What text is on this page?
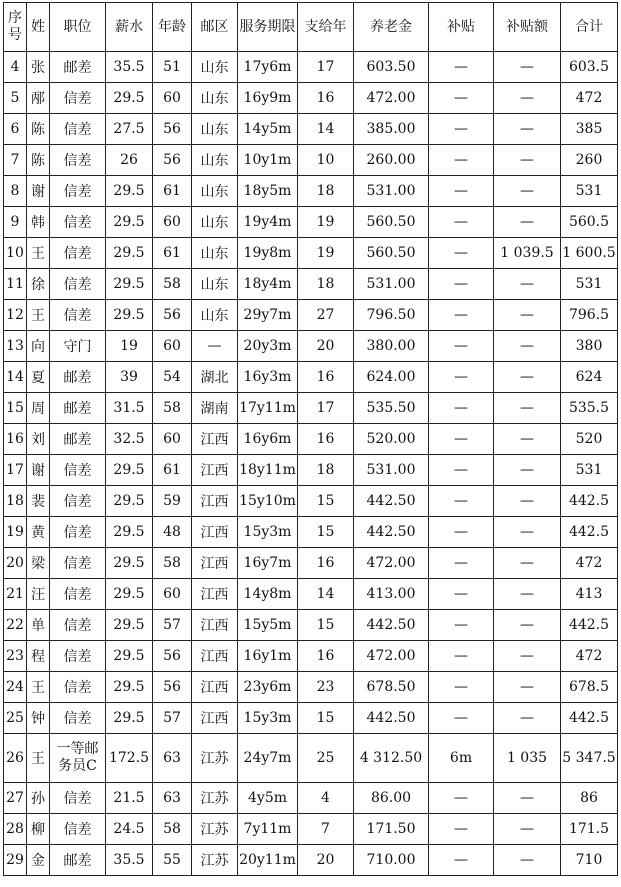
序号	姓	职位	薪水	年龄	邮区	服务期限	支给年	养老金	补贴	补贴额	合计
4	张	邮差	35.5	51	山东	17y6m	17	603.50	—	—	603.5
5	邴	信差	29.5	60	山东	16y9m	16	472.00	—	—	472
6	陈	信差	27.5	56	山东	14y5m	14	385.00	—	—	385
7	陈	信差	26	56	山东	10y1m	10	260.00	—	—	260
8	谢	信差	29.5	61	山东	18y5m	18	531.00	—	—	531
9	韩	信差	29.5	60	山东	19y4m	19	560.50	—	—	560.5
10	王	信差	29.5	61	山东	19y8m	19	560.50	—	1 039.5	1 600.5
11	徐	信差	29.5	58	山东	18y4m	18	531.00	—	—	531
12	王	信差	29.5	56	山东	29y7m	27	796.50	—	—	796.5
13	向	守门	19	60	—	20y3m	20	380.00	—	—	380
14	夏	邮差	39	54	湖北	16y3m	16	624.00	—	—	624
15	周	邮差	31.5	58	湖南	17y11m	17	535.50	—	—	535.5
16	刘	邮差	32.5	60	江西	16y6m	16	520.00	—	—	520
17	谢	信差	29.5	61	江西	18y11m	18	531.00	—	—	531
18	裴	信差	29.5	59	江西	15y10m	15	442.50	—	—	442.5
19	黄	信差	29.5	48	江西	15y3m	15	442.50	—	—	442.5
20	梁	信差	29.5	58	江西	16y7m	16	472.00	—	—	472
21	汪	信差	29.5	60	江西	14y8m	14	413.00	—	—	413
22	单	信差	29.5	57	江西	15y5m	15	442.50	—	—	442.5
23	程	信差	29.5	56	江西	16y1m	16	472.00	—	—	472
24	王	信差	29.5	56	江西	23y6m	23	678.50	—	—	678.5
25	钟	信差	29.5	57	江西	15y3m	15	442.50	—	—	442.5
26	王	一等邮务员C	172.5	63	江苏	24y7m	25	4 312.50	6m	1 035	5 347.5
27	孙	信差	21.5	63	江苏	4y5m	4	86.00	—	—	86
28	柳	信差	24.5	58	江苏	7y11m	7	171.50	—	—	171.5
29	金	邮差	35.5	55	江苏	20y11m	20	710.00	—	—	710
